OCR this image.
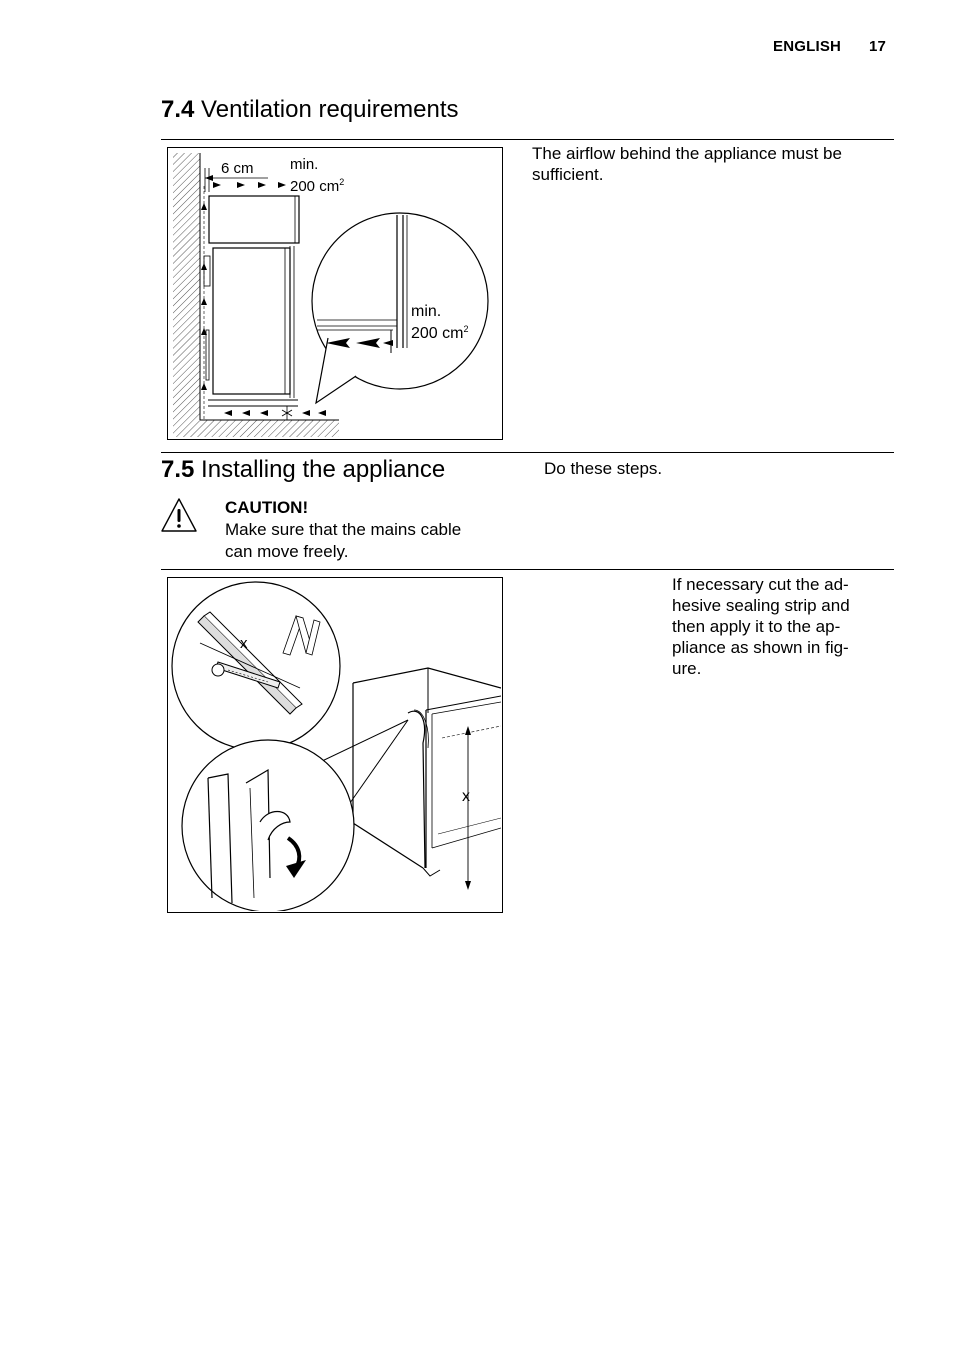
ENGLISH 17
7.4 Ventilation requirements
6 cm min.
200 $cm^2$
min.
200 $cm^2$
The airflow behind the appliance must be sufficient.
7.5 Installing the appliance	Do these steps.
CAUTION!
Make sure that the mains cable
can move freely.
x
x
If necessary cut the ad-
hesive sealing strip and
then apply it to the ap-
pliance as shown in fig-
ure.
